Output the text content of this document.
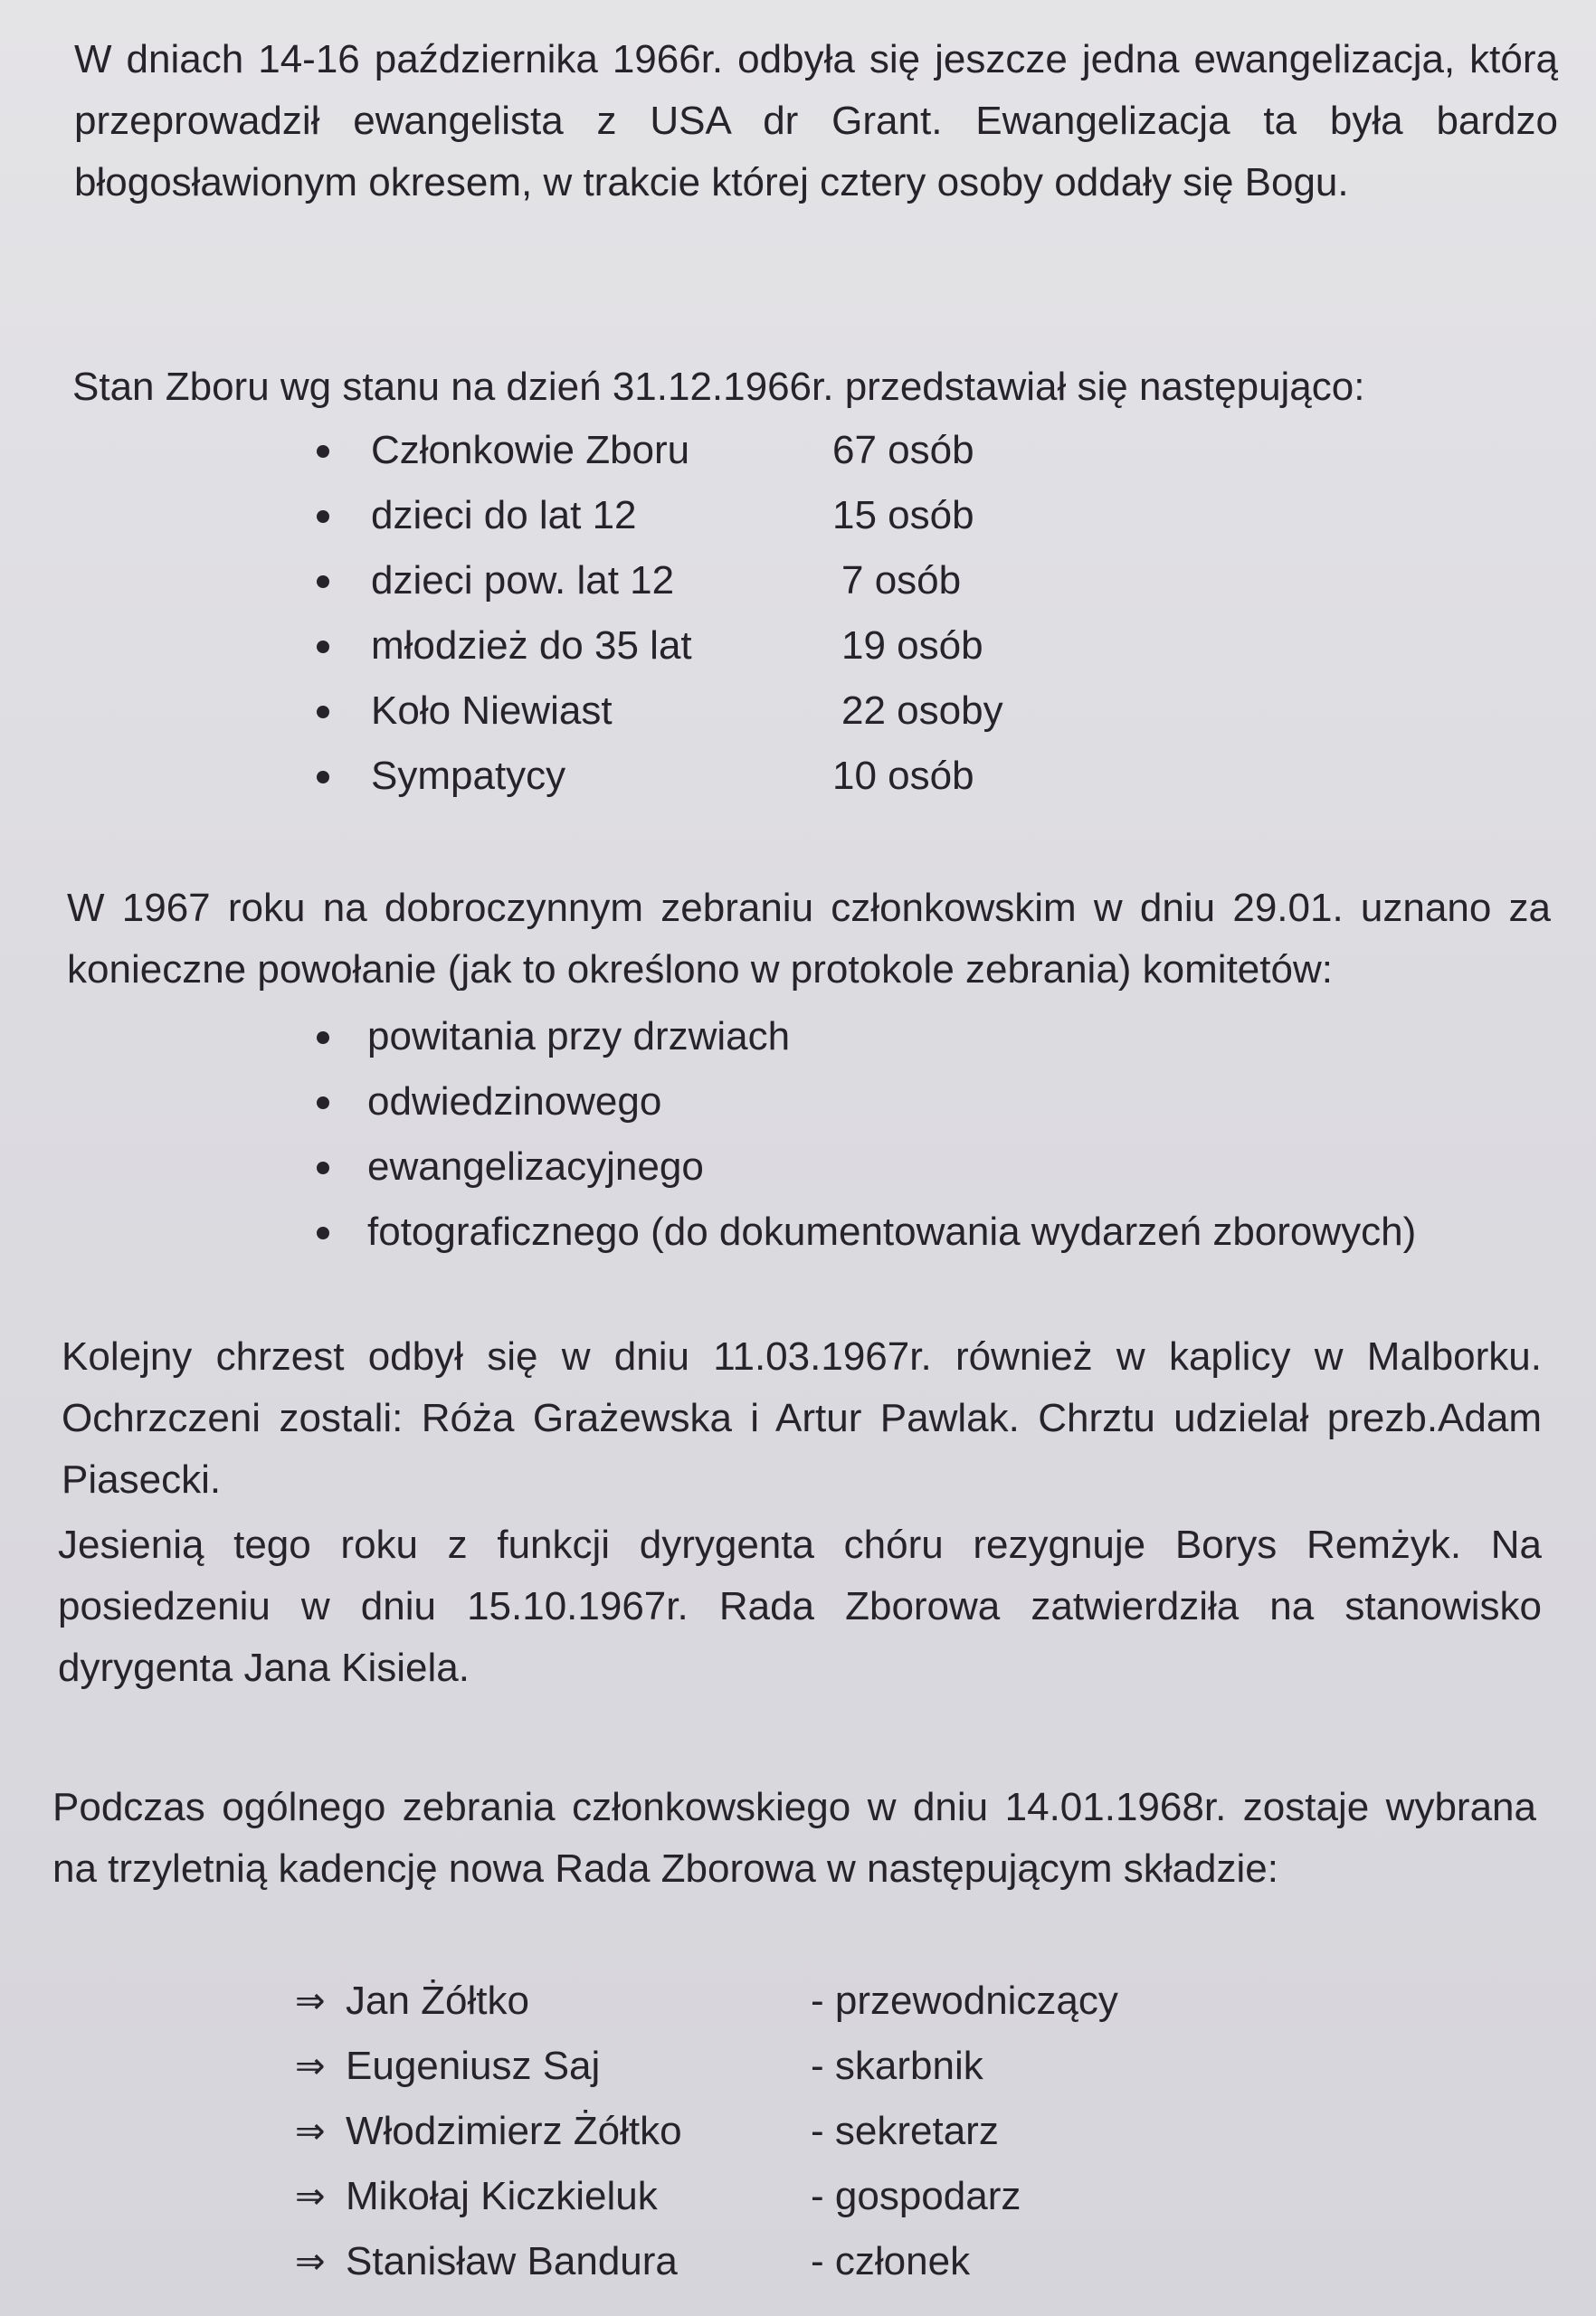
W dniach 14-16 października 1966r. odbyła się jeszcze jedna ewangelizacja, którą przeprowadził ewangelista z USA dr Grant. Ewangelizacja ta była bardzo błogosławionym okresem, w trakcie której cztery osoby oddały się Bogu.

Stan Zboru wg stanu na dzień 31.12.1966r. przedstawiał się następująco:

Członkowie Zboru	67 osób
dzieci do lat 12	15 osób
dzieci pow. lat 12	7 osób
młodzież do 35 lat	19 osób
Koło Niewiast	22 osoby
Sympatycy	10 osób

W 1967 roku na dobroczynnym zebraniu członkowskim w dniu 29.01. uznano za konieczne powołanie (jak to określono w protokole zebrania) komitetów:

powitania przy drzwiach
odwiedzinowego
ewangelizacyjnego
fotograficznego (do dokumentowania wydarzeń zborowych)

Kolejny chrzest odbył się w dniu 11.03.1967r. również w kaplicy w Malborku. Ochrzczeni zostali: Róża Grażewska i Artur Pawlak. Chrztu udzielał prezb.Adam Piasecki.

Jesienią tego roku z funkcji dyrygenta chóru rezygnuje Borys Remżyk. Na posiedzeniu w dniu 15.10.1967r. Rada Zborowa zatwierdziła na stanowisko dyrygenta Jana Kisiela.

Podczas ogólnego zebrania członkowskiego w dniu 14.01.1968r. zostaje wybrana na trzyletnią kadencję nowa Rada Zborowa w następującym składzie:

⇒ Jan Żółtko	- przewodniczący
⇒ Eugeniusz Saj	- skarbnik
⇒ Włodzimierz Żółtko	- sekretarz
⇒ Mikołaj Kiczkieluk	- gospodarz
⇒ Stanisław Bandura	- członek
